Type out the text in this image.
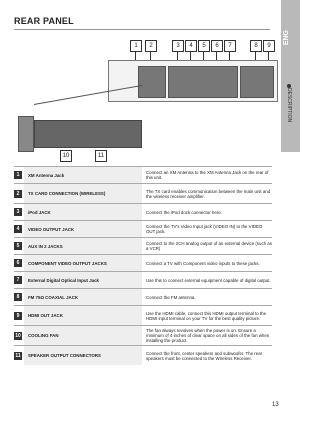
REAR PANEL
ENG
DESCRIPTION
1	2	3	4	5	6	7	8	9
10	11
1	XM Antenna Jack	Connect an XM Antenna to the XM Antenna Jack on the rear of this unit.
2	TX CARD CONNECTION (WIRELESS)	The TX card enables communication between the main unit and the wireless receiver amplifier.
3	iPod JACK	Connect the iPod dock connector here.
4	VIDEO OUTPUT JACK	Connect the TV's Video Input jack (VIDEO IN) to the VIDEO OUT jack.
5	AUX IN 2 JACKS	Connect to the 2CH analog output of an external device (such as a VCR)
6	COMPONENT VIDEO OUTPUT JACKS	Connect a TV with Component video inputs to these jacks.
7	External Digital Optical Input Jack	Use this to connect external equipment capable of digital output.
8	FM 75Ω COAXIAL JACK	Connect the FM antenna.
9	HDMI OUT JACK	Use the HDMI cable, connect this HDMI output terminal to the HDMI input terminal on your TV for the best quality picture.
10	COOLING FAN	The fan always revolves when the power is on. Ensure a minimum of 4 inches of clear space on all sides of the fan when installing the product.
11	SPEAKER OUTPUT CONNECTORS	Connect the front, center speakers and subwoofer. The rear speakers must be connected to the Wireless Receiver.
13
